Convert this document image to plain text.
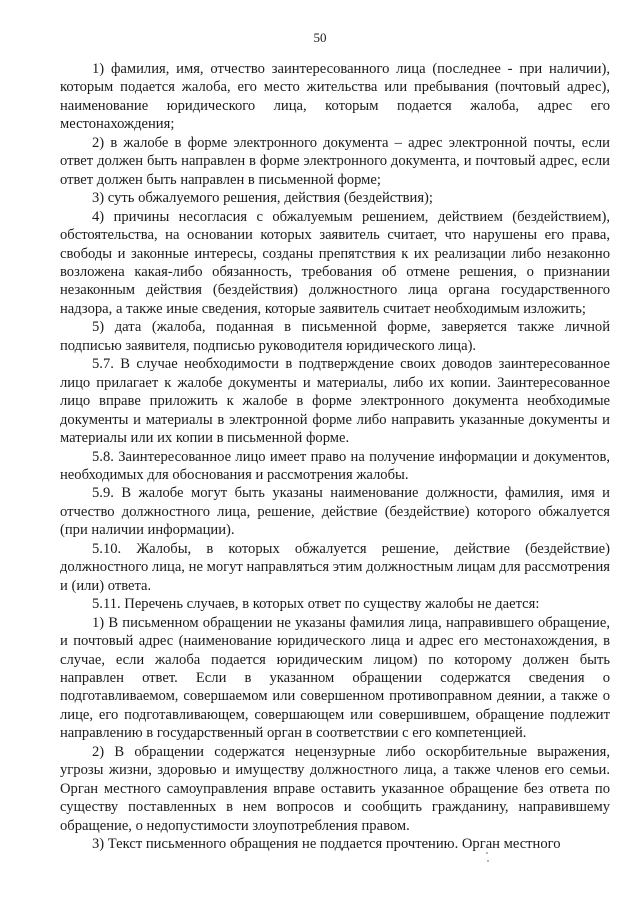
50

1) фамилия, имя, отчество заинтересованного лица (последнее - при наличии), которым подается жалоба, его место жительства или пребывания (почтовый адрес), наименование юридического лица, которым подается жалоба, адрес его местонахождения;

2) в жалобе в форме электронного документа – адрес электронной почты, если ответ должен быть направлен в форме электронного документа, и почтовый адрес, если ответ должен быть направлен в письменной форме;

3) суть обжалуемого решения, действия (бездействия);

4) причины несогласия с обжалуемым решением, действием (бездействием), обстоятельства, на основании которых заявитель считает, что нарушены его права, свободы и законные интересы, созданы препятствия к их реализации либо незаконно возложена какая-либо обязанность, требования об отмене решения, о признании незаконным действия (бездействия) должностного лица органа государственного надзора, а также иные сведения, которые заявитель считает необходимым изложить;

5) дата (жалоба, поданная в письменной форме, заверяется также личной подписью заявителя, подписью руководителя юридического лица).

5.7. В случае необходимости в подтверждение своих доводов заинтересованное лицо прилагает к жалобе документы и материалы, либо их копии. Заинтересованное лицо вправе приложить к жалобе в форме электронного документа необходимые документы и материалы в электронной форме либо направить указанные документы и материалы или их копии в письменной форме.

5.8. Заинтересованное лицо имеет право на получение информации и документов, необходимых для обоснования и рассмотрения жалобы.

5.9. В жалобе могут быть указаны наименование должности, фамилия, имя и отчество должностного лица, решение, действие (бездействие) которого обжалуется (при наличии информации).

5.10. Жалобы, в которых обжалуется решение, действие (бездействие) должностного лица, не могут направляться этим должностным лицам для рассмотрения и (или) ответа.

5.11. Перечень случаев, в которых ответ по существу жалобы не дается:

1) В письменном обращении не указаны фамилия лица, направившего обращение, и почтовый адрес (наименование юридического лица и адрес его местонахождения, в случае, если жалоба подается юридическим лицом) по которому должен быть направлен ответ. Если в указанном обращении содержатся сведения о подготавливаемом, совершаемом или совершенном противоправном деянии, а также о лице, его подготавливающем, совершающем или совершившем, обращение подлежит направлению в государственный орган в соответствии с его компетенцией.

2) В обращении содержатся нецензурные либо оскорбительные выражения, угрозы жизни, здоровью и имуществу должностного лица, а также членов его семьи. Орган местного самоуправления вправе оставить указанное обращение без ответа по существу поставленных в нем вопросов и сообщить гражданину, направившему обращение, о недопустимости злоупотребления правом.

3) Текст письменного обращения не поддается прочтению. Орган местного
